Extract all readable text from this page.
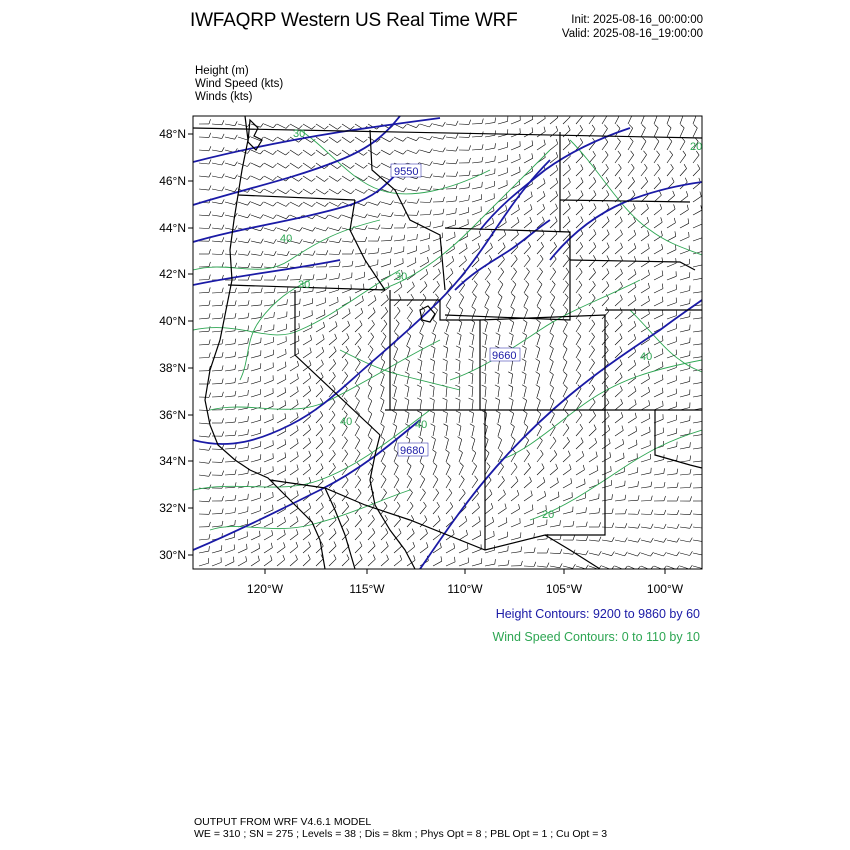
IWFAQRP Western US Real Time WRF	Init: 2025-08-16_00:00:00
Valid: 2025-08-16_19:00:00
Height (m)
Wind Speed (kts)
Winds (kts)
9550
9660
9680
30
30
30
40
40
40
20
40
20
48°N
46°N
44°N
42°N
40°N
38°N
36°N
34°N
32°N
30°N
120°W	115°W	110°W	105°W	100°W
Height Contours: 9200 to 9860 by 60
Wind Speed Contours: 0 to 110 by 10
OUTPUT FROM WRF V4.6.1 MODEL
WE = 310 ; SN = 275 ; Levels = 38 ; Dis = 8km ; Phys Opt = 8 ; PBL Opt = 1 ; Cu Opt = 3
